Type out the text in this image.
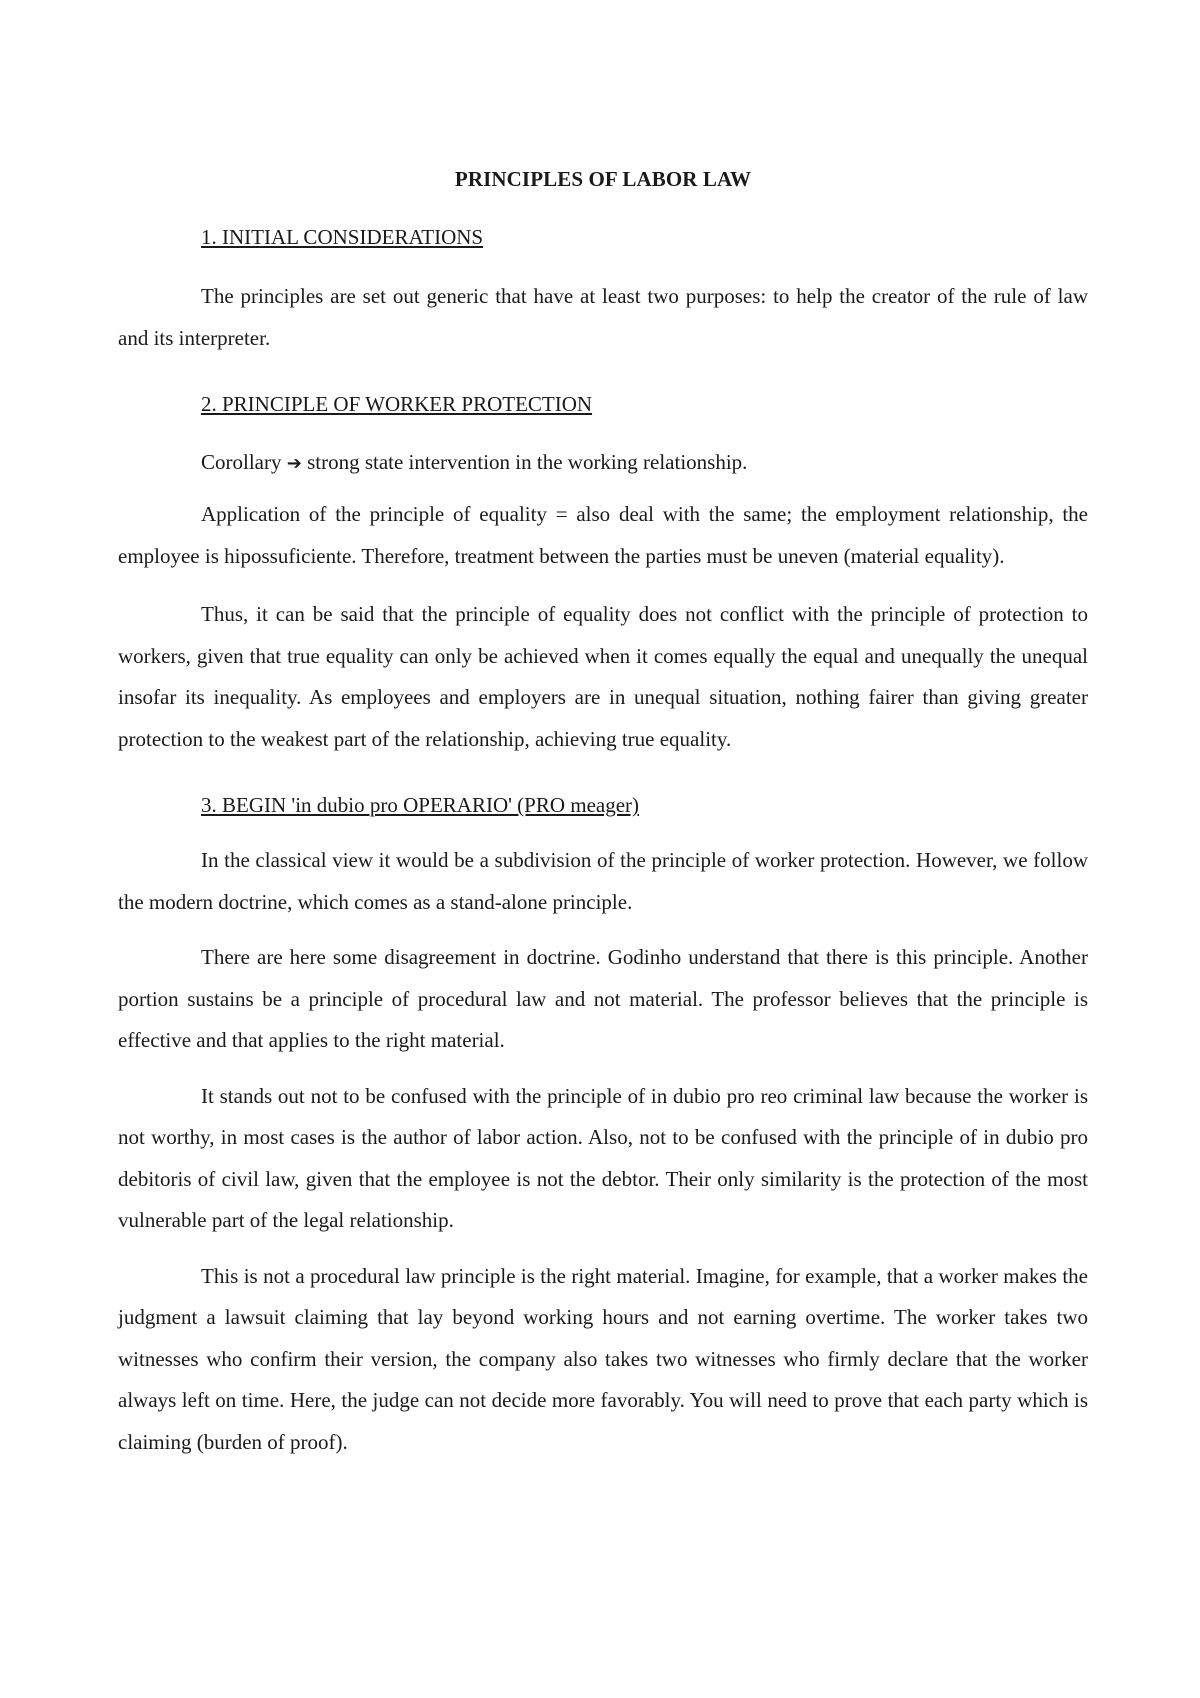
PRINCIPLES OF LABOR LAW
1. INITIAL CONSIDERATIONS

The principles are set out generic that have at least two purposes: to help the creator of the rule of law and its interpreter.

2. PRINCIPLE OF WORKER PROTECTION

Corollary ➔ strong state intervention in the working relationship.

Application of the principle of equality = also deal with the same; the employment relationship, the employee is hipossuficiente. Therefore, treatment between the parties must be uneven (material equality).

Thus, it can be said that the principle of equality does not conflict with the principle of protection to workers, given that true equality can only be achieved when it comes equally the equal and unequally the unequal insofar its inequality. As employees and employers are in unequal situation, nothing fairer than giving greater protection to the weakest part of the relationship, achieving true equality.

3. BEGIN 'in dubio pro OPERARIO' (PRO meager)

In the classical view it would be a subdivision of the principle of worker protection. However, we follow the modern doctrine, which comes as a stand-alone principle.

There are here some disagreement in doctrine. Godinho understand that there is this principle. Another portion sustains be a principle of procedural law and not material. The professor believes that the principle is effective and that applies to the right material.

It stands out not to be confused with the principle of in dubio pro reo criminal law because the worker is not worthy, in most cases is the author of labor action. Also, not to be confused with the principle of in dubio pro debitoris of civil law, given that the employee is not the debtor. Their only similarity is the protection of the most vulnerable part of the legal relationship.

This is not a procedural law principle is the right material. Imagine, for example, that a worker makes the judgment a lawsuit claiming that lay beyond working hours and not earning overtime. The worker takes two witnesses who confirm their version, the company also takes two witnesses who firmly declare that the worker always left on time. Here, the judge can not decide more favorably. You will need to prove that each party which is claiming (burden of proof).
